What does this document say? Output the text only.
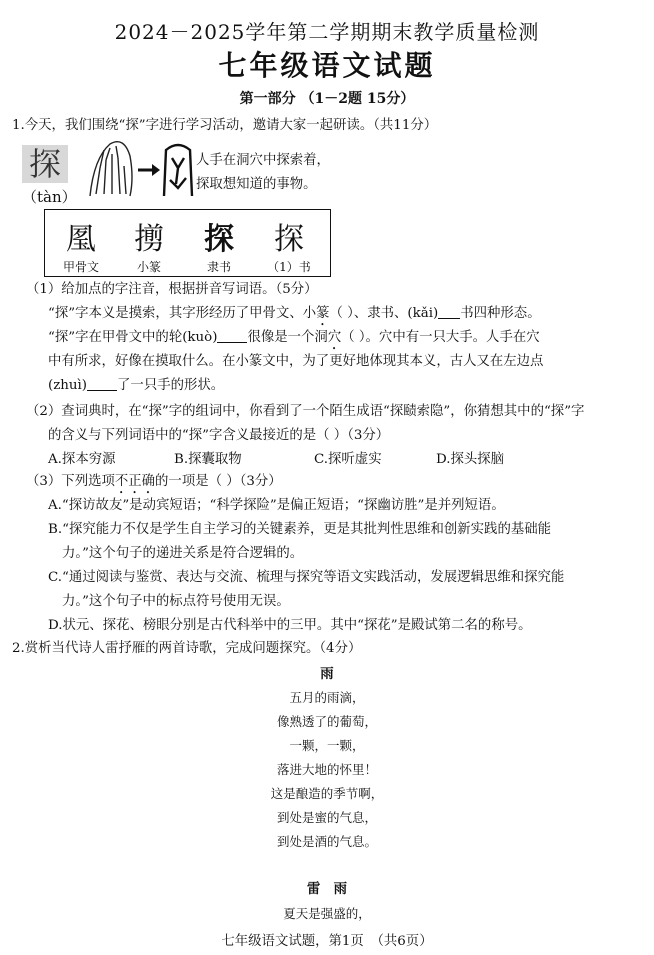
2024－2025学年第二学期期末教学质量检测
七年级语文试题
第一部分 （1－2题 15分）
1.今天，我们围绕“探”字进行学习活动，邀请大家一起研读。（共11分）
探
（tàn）
人手在洞穴中探索着，
探取想知道的事物。
㓘	㨵	探	探
甲骨文	小篆	隶书	（1）书
（1）给加点的字注音，根据拼音写词语。（5分）
“探”字本义是摸索，其字形经历了甲骨文、小篆（ ）、隶书、(kǎi) 书四种形态。
“探”字在甲骨文中的轮(kuò) 很像是一个洞穴（ ）。穴中有一只大手。人手在穴
中有所求，好像在摸取什么。在小篆文中，为了更好地体现其本义，古人又在左边点
(zhuì) 了一只手的形状。
（2）查词典时，在“探”字的组词中，你看到了一个陌生成语“探赜索隐”，你猜想其中的“探”字
的含义与下列词语中的“探”字含义最接近的是（ ）（3分）
A.探本穷源	B.探囊取物	C.探听虚实	D.探头探脑
（3）下列选项不正确的一项是（ ）（3分）
A.“探访故友”是动宾短语；“科学探险”是偏正短语；“探幽访胜”是并列短语。
B.“探究能力不仅是学生自主学习的关键素养，更是其批判性思维和创新实践的基础能
力。”这个句子的递进关系是符合逻辑的。
C.“通过阅读与鉴赏、表达与交流、梳理与探究等语文实践活动，发展逻辑思维和探究能
力。”这个句子中的标点符号使用无误。
D.状元、探花、榜眼分别是古代科举中的三甲。其中“探花”是殿试第二名的称号。
2.赏析当代诗人雷抒雁的两首诗歌，完成问题探究。（4分）
雨
五月的雨滴，
像熟透了的葡萄，
一颗，一颗，
落进大地的怀里！
这是酿造的季节啊，
到处是蜜的气息，
到处是酒的气息。
雷　雨
夏天是强盛的，
七年级语文试题，第1页　（共6页）
